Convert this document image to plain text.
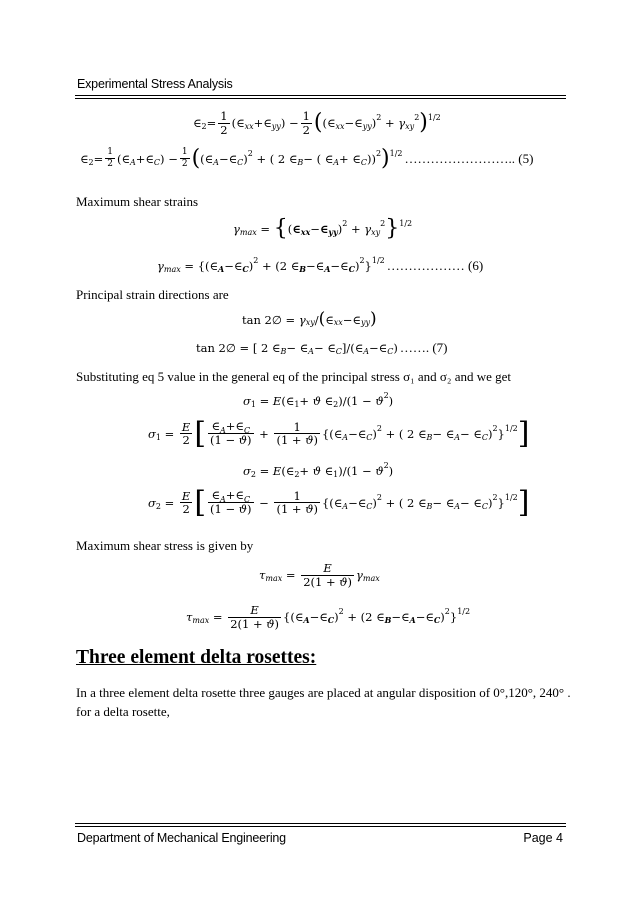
Experimental Stress Analysis
∈ $2 = \frac{1}{2}$ (∈ xx +∈ yy ) − $\frac{1}{2}$ ( (∈ xx −∈ yy ) 2 + γ xy
2 ) 1/2
∈ $2 = \frac{1}{2}$ (∈ A +∈ C ) − $\frac{1}{2}$ ( (∈ A −∈ C ) 2 + ( 2 ∈ B − ( ∈ A + ∈ C )) 2 ) 1/2 …………………….. (5)
Maximum shear strains
γ max = { ( ∈ xx − ∈ yy ) 2 + γ xy
2 } 1/2
γ max = {(∈ A −∈ C ) 2 + (2 ∈ B −∈ A −∈ C ) 2 } 1/2 ……………… (6)
Principal strain directions are
tan 2∅ = γ xy / ( ∈ xx −∈ yy )
tan 2∅ = [ 2 ∈ B − ∈ A − ∈ C ]/(∈ A −∈ C ) ……. (7)
Substituting eq 5 value in the general eq of the principal stress σ₁ and σ₂ and we get
σ 1 = E (∈ 1 + ϑ ∈ 2 )/(1 − ϑ 2 )
σ $1 = \frac{E}{2}$ [ $\frac{\in_A+\in_C}{(1 - ϑ)} + \frac{1}{(1 + ϑ)}$ {(∈ A −∈ C ) 2 + ( 2 ∈ B − ∈ A − ∈ C ) 2 } 1/2 ]
σ 2 = E (∈ 2 + ϑ ∈ 1 )/(1 − ϑ 2 )
σ $2 = \frac{E}{2}$ [ $\frac{\in_A+\in_C}{(1 - ϑ)} - \frac{1}{(1 + ϑ)}$ {(∈ A −∈ C ) 2 + ( 2 ∈ B − ∈ A − ∈ C ) 2 } 1/2 ]
Maximum shear stress is given by
τ $\max = \frac{E}{2(1 + ϑ)}$ γ max
τ $\max = \frac{E}{2(1 + ϑ)}$ {(∈ A −∈ C ) 2 + (2 ∈ B −∈ A −∈ C ) 2 } 1/2
Three element delta rosettes:
In a three element delta rosette three gauges are placed at angular disposition of 0°,120°, 240° .
for a delta rosette,
Department of Mechanical Engineering	Page 4
